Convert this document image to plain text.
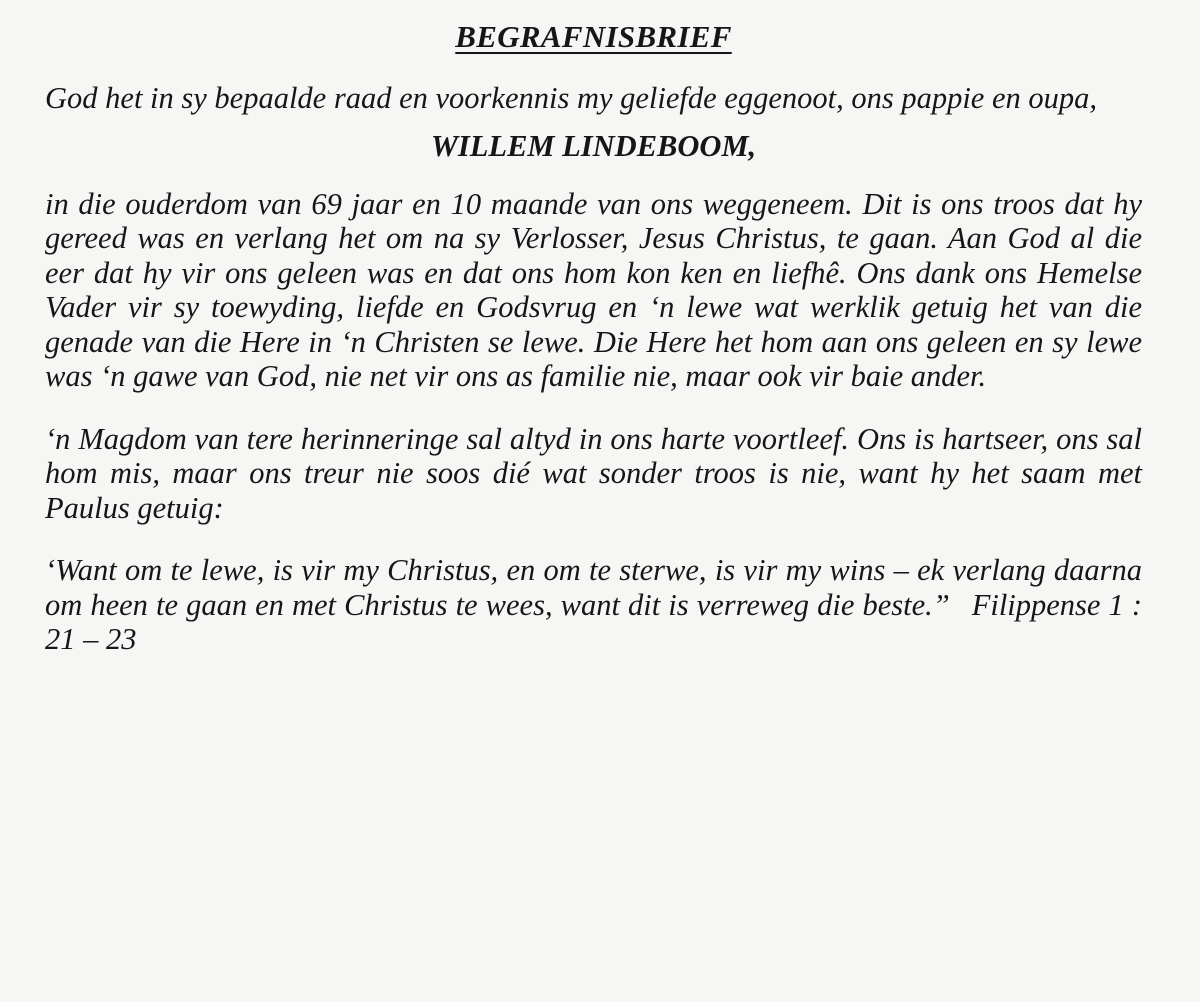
BEGRAFNISBRIEF

God het in sy bepaalde raad en voorkennis my geliefde eggenoot, ons pappie en oupa,

WILLEM LINDEBOOM,

in die ouderdom van 69 jaar en 10 maande van ons weggeneem. Dit is ons troos dat hy gereed was en verlang het om na sy Verlosser, Jesus Christus, te gaan. Aan God al die eer dat hy vir ons geleen was en dat ons hom kon ken en liefhê. Ons dank ons Hemelse Vader vir sy toewyding, liefde en Godsvrug en ‘n lewe wat werklik getuig het van die genade van die Here in ‘n Christen se lewe. Die Here het hom aan ons geleen en sy lewe was ‘n gawe van God, nie net vir ons as familie nie, maar ook vir baie ander.

‘n Magdom van tere herinneringe sal altyd in ons harte voortleef. Ons is hartseer, ons sal hom mis, maar ons treur nie soos dié wat sonder troos is nie, want hy het saam met Paulus getuig:

‘Want om te lewe, is vir my Christus, en om te sterwe, is vir my wins – ek verlang daarna om heen te gaan en met Christus te wees, want dit is verreweg die beste.” Filippense 1 : 21 – 23
